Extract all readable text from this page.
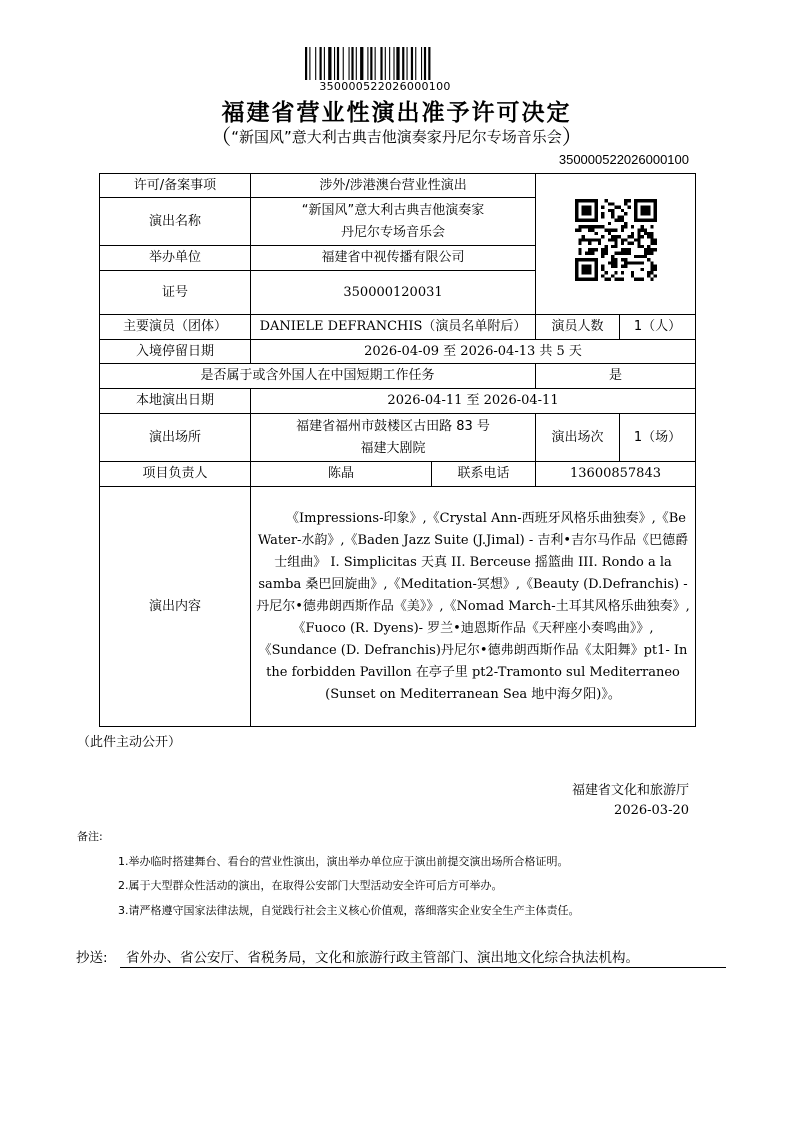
350000522026000100
福建省营业性演出准予许可决定
（“新国风”意大利古典吉他演奏家丹尼尔专场音乐会）
350000522026000100
许可/备案事项	涉外/涉港澳台营业性演出	
演出名称	“新国风”意大利古典吉他演奏家
丹尼尔专场音乐会			

举办单位	福建省中视传播有限公司			
证号	350000120031			
主要演员（团体）	DANIELE DEFRANCHIS（演员名单附后）		演员人数	1（人）
入境停留日期	2026-04-09 至 2026-04-13 共 5 天			
是否属于或含外国人在中国短期工作任务			是	
本地演出日期	2026-04-11 至 2026-04-11			
演出场所	福建省福州市鼓楼区古田路 83 号
福建大剧院		演出场次	1（场）
项目负责人	陈晶	联系电话	13600857843	
演出内容	《Impressions-印象》,《Crystal Ann-西班牙风格乐曲独奏》,《Be Water-水韵》,《Baden Jazz Suite (J.Jimal) - 吉利•吉尔马作品《巴德爵士组曲》 I. Simplicitas 天真 II. Berceuse 摇篮曲 III. Rondo a la samba 桑巴回旋曲》,《Meditation-冥想》,《Beauty (D.Defranchis) -丹尼尔•德弗朗西斯作品《美》》,《Nomad March-土耳其风格乐曲独奏》,《Fuoco (R. Dyens)- 罗兰•迪恩斯作品《天秤座小奏鸣曲》》,《Sundance (D. Defranchis)丹尼尔•德弗朗西斯作品《太阳舞》pt1- In the forbidden Pavillon 在亭子里 pt2-Tramonto sul Mediterraneo (Sunset on Mediterranean Sea 地中海夕阳)》。			
（此件主动公开）
福建省文化和旅游厅
2026-03-20
备注:
1.举办临时搭建舞台、看台的营业性演出，演出举办单位应于演出前提交演出场所合格证明。
2.属于大型群众性活动的演出，在取得公安部门大型活动安全许可后方可举办。
3.请严格遵守国家法律法规，自觉践行社会主义核心价值观，落细落实企业安全生产主体责任。
抄送:	省外办、省公安厅、省税务局，文化和旅游行政主管部门、演出地文化综合执法机构。
